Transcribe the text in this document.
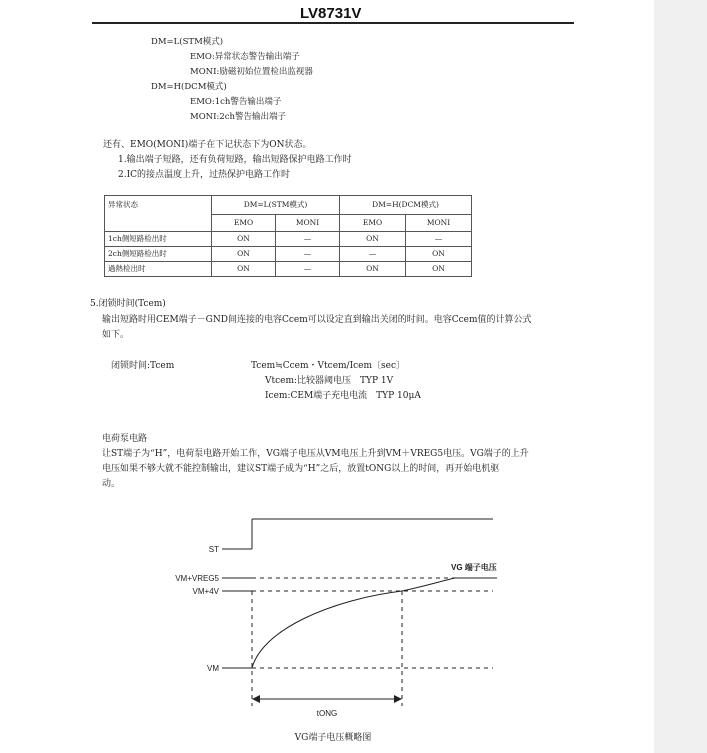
LV8731V
DM=L(STM模式)
EMO:异常状态警告输出端子
MONI:励磁初始位置检出监视器
DM=H(DCM模式)
EMO:1ch警告输出端子
MONI:2ch警告输出端子
还有、EMO(MONI)端子在下记状态下为ON状态。
1.输出端子短路，还有负荷短路，输出短路保护电路工作时
2.IC的接点温度上升，过热保护电路工作时
异常状态	DM=L(STM模式)		DM=H(DCM模式)	
	EMO	MONI	EMO	MONI
1ch侧短路检出时	ON	—	ON	—
2ch侧短路检出时	ON	—	—	ON
過熱检出时	ON	—	ON	ON
5.闭锁时间(Tcem)
输出短路时用CEM端子－GND间连接的电容Ccem可以设定直到输出关闭的时间。电容Ccem值的计算公式
如下。
闭锁时间:Tcem	Tcem≒Ccem・Vtcem/Icem〔sec〕
Vtcem:比较器阈电压　TYP 1V
Icem:CEM端子充电电流　TYP 10μA
电荷泵电路
让ST端子为“H”，电荷泵电路开始工作，VG端子电压从VM电压上升到VM＋VREG5电压。VG端子的上升
电压如果不够大就不能控制输出，建议ST端子成为“H”之后，放置tONG以上的时间，再开始电机驱
动。
ST
VM+VREG5
VM+4V
VM
VG 端子电压
tONG
VG端子电压概略图
